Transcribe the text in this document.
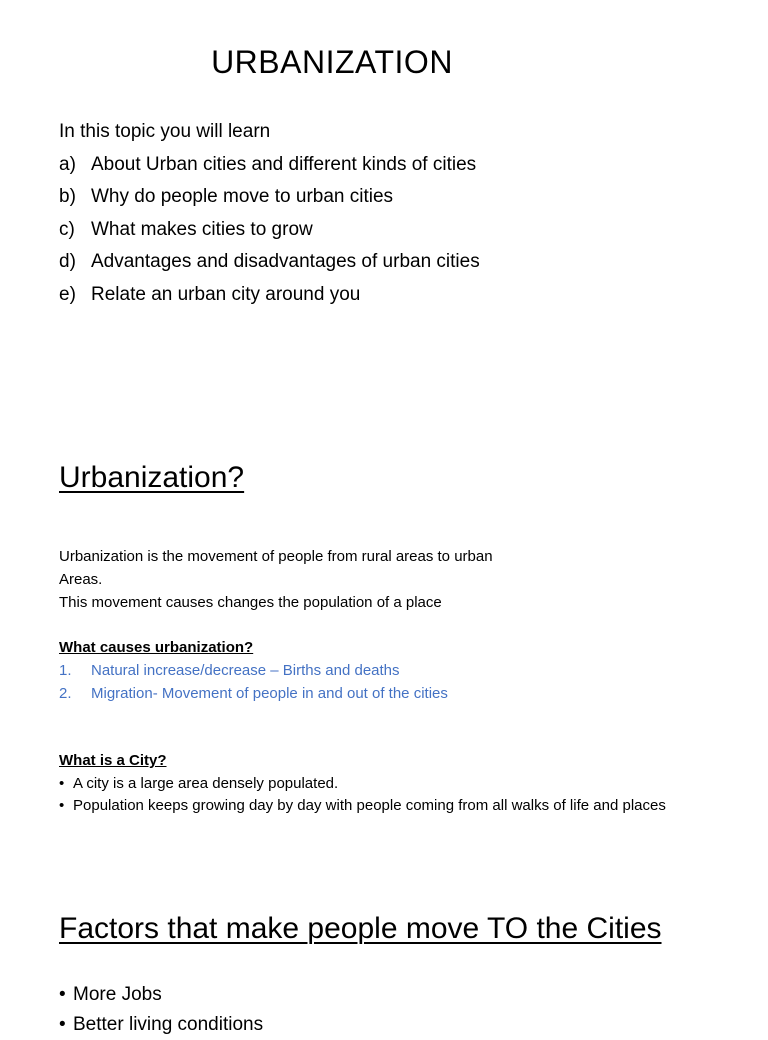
URBANIZATION
In this topic you will learn
a) About Urban cities and different kinds of cities
b) Why do people move to urban cities
c) What makes cities to grow
d) Advantages and disadvantages of urban cities
e) Relate an urban city around you
Urbanization?
Urbanization is the movement of people from rural areas to urban
Areas.
This movement causes changes the population of a place
What causes urbanization?
1. Natural increase/decrease – Births and deaths
2. Migration- Movement of people in and out of the cities
What is a City?
• A city is a large area densely populated.
• Population keeps growing day by day with people coming from all walks of life and places
Factors that make people move TO the Cities
• More Jobs
• Better living conditions
